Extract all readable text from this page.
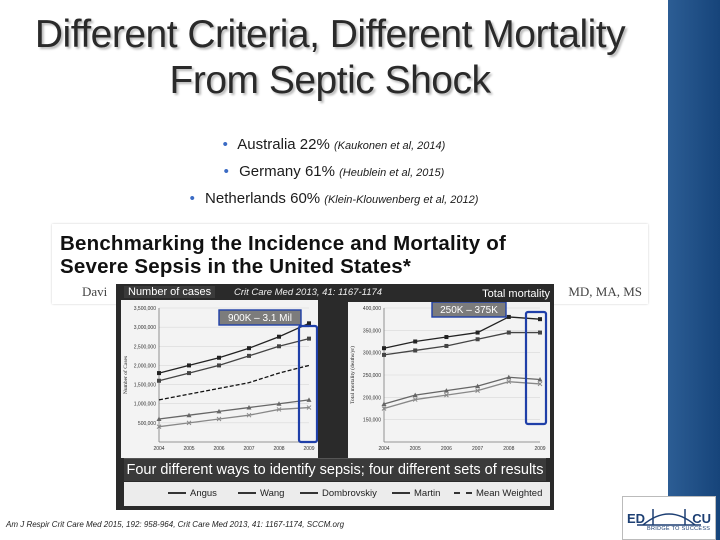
Different Criteria, Different Mortality From Septic Shock
• Australia 22% (Kaukonen et al, 2014)
• Germany 61% (Heublein et al, 2015)
• Netherlands 60% (Klein-Klouwenberg et al, 2012)
Benchmarking the Incidence and Mortality of
Severe Sepsis in the United States*
Davi	MD, MA, MS
Crit Care Med 2013, 41: 1167-1174
Number of cases	Total mortality
3,500,000
3,000,000
2,500,000
2,000,000
1,500,000
1,000,000
500,000
2004	2005	2006	2007	2008	2009
Number of Cases
900K – 3.1 Mil
400,000
350,000
300,000
250,000
200,000
150,000
2004	2005	2006	2007	2008	2009
Total mortality (deaths/yr)
250K – 375K
Four different ways to identify sepsis; four different sets of results
Angus	Wang	Dombrovskiy	Martin	Mean Weighted
Am J Respir Crit Care Med 2015, 192: 958-964, Crit Care Med 2013, 41: 1167-1174, SCCM.org	ED	CU
BRIDGE TO SUCCESS
